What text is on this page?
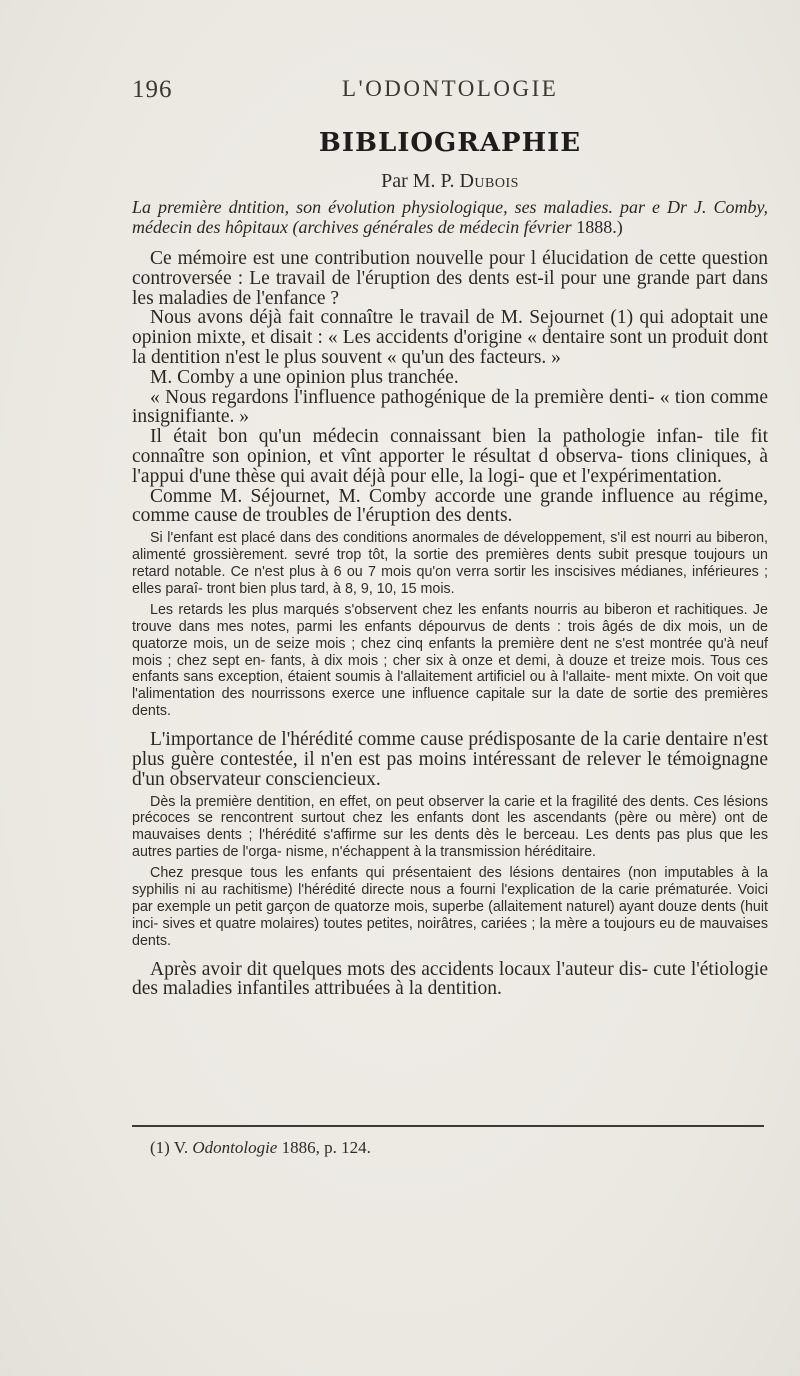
196	L'ODONTOLOGIE
BIBLIOGRAPHIE
Par M. P. Dubois

La première dntition, son évolution physiologique, ses maladies. par e Dr J. Comby, médecin des hôpitaux (archives générales de médecin février 1888.)

Ce mémoire est une contribution nouvelle pour l élucidation de cette question controversée : Le travail de l'éruption des dents est-il pour une grande part dans les maladies de l'enfance ?

Nous avons déjà fait connaître le travail de M. Sejournet (1) qui adoptait une opinion mixte, et disait : « Les accidents d'origine « dentaire sont un produit dont la dentition n'est le plus souvent « qu'un des facteurs. »

M. Comby a une opinion plus tranchée.

« Nous regardons l'influence pathogénique de la première denti- « tion comme insignifiante. »

Il était bon qu'un médecin connaissant bien la pathologie infan- tile fit connaître son opinion, et vînt apporter le résultat d observa- tions cliniques, à l'appui d'une thèse qui avait déjà pour elle, la logi- que et l'expérimentation.

Comme M. Séjournet, M. Comby accorde une grande influence au régime, comme cause de troubles de l'éruption des dents.

Si l'enfant est placé dans des conditions anormales de développement, s'il est nourri au biberon, alimenté grossièrement. sevré trop tôt, la sortie des premières dents subit presque toujours un retard notable. Ce n'est plus à 6 ou 7 mois qu'on verra sortir les inscisives médianes, inférieures ; elles paraî- tront bien plus tard, à 8, 9, 10, 15 mois.

Les retards les plus marqués s'observent chez les enfants nourris au biberon et rachitiques. Je trouve dans mes notes, parmi les enfants dépourvus de dents : trois âgés de dix mois, un de quatorze mois, un de seize mois ; chez cinq enfants la première dent ne s'est montrée qu'à neuf mois ; chez sept en- fants, à dix mois ; cher six à onze et demi, à douze et treize mois. Tous ces enfants sans exception, étaient soumis à l'allaitement artificiel ou à l'allaite- ment mixte. On voit que l'alimentation des nourrissons exerce une influence capitale sur la date de sortie des premières dents.

L'importance de l'hérédité comme cause prédisposante de la carie dentaire n'est plus guère contestée, il n'en est pas moins intéressant de relever le témoignagne d'un observateur consciencieux.

Dès la première dentition, en effet, on peut observer la carie et la fragilité des dents. Ces lésions précoces se rencontrent surtout chez les enfants dont les ascendants (père ou mère) ont de mauvaises dents ; l'hérédité s'affirme sur les dents dès le berceau. Les dents pas plus que les autres parties de l'orga- nisme, n'échappent à la transmission héréditaire.

Chez presque tous les enfants qui présentaient des lésions dentaires (non imputables à la syphilis ni au rachitisme) l'hérédité directe nous a fourni l'explication de la carie prématurée. Voici par exemple un petit garçon de quatorze mois, superbe (allaitement naturel) ayant douze dents (huit inci- sives et quatre molaires) toutes petites, noirâtres, cariées ; la mère a toujours eu de mauvaises dents.

Après avoir dit quelques mots des accidents locaux l'auteur dis- cute l'étiologie des maladies infantiles attribuées à la dentition.

(1) V. Odontologie 1886, p. 124.
